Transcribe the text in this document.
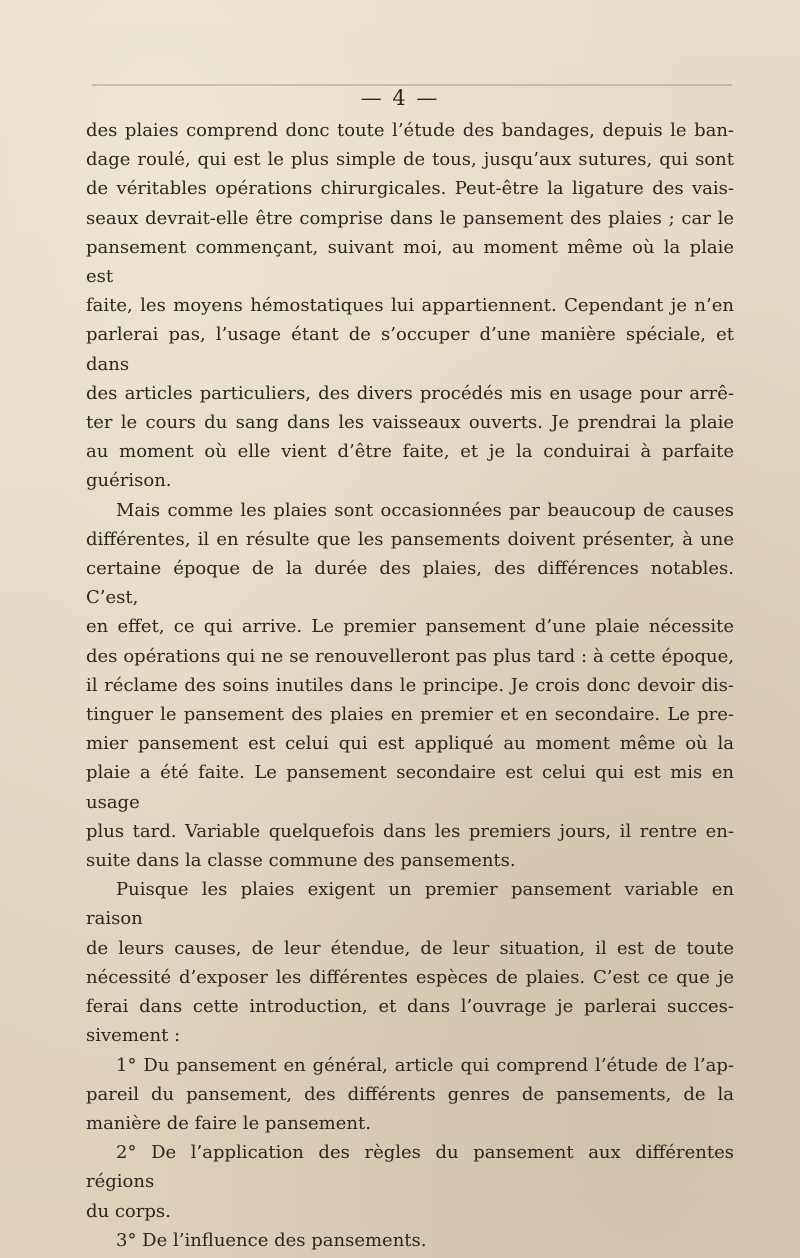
— 4 —

des plaies comprend donc toute l’étude des bandages, depuis le ban-

dage roulé, qui est le plus simple de tous, jusqu’aux sutures, qui sont

de véritables opérations chirurgicales. Peut-être la ligature des vais-

seaux devrait-elle être comprise dans le pansement des plaies ; car le

pansement commençant, suivant moi, au moment même où la plaie est

faite, les moyens hémostatiques lui appartiennent. Cependant je n’en

parlerai pas, l’usage étant de s’occuper d’une manière spéciale, et dans

des articles particuliers, des divers procédés mis en usage pour arrê-

ter le cours du sang dans les vaisseaux ouverts. Je prendrai la plaie

au moment où elle vient d’être faite, et je la conduirai à parfaite

guérison.

Mais comme les plaies sont occasionnées par beaucoup de causes

différentes, il en résulte que les pansements doivent présenter, à une

certaine époque de la durée des plaies, des différences notables. C’est,

en effet, ce qui arrive. Le premier pansement d’une plaie nécessite

des opérations qui ne se renouvelleront pas plus tard : à cette époque,

il réclame des soins inutiles dans le principe. Je crois donc devoir dis-

tinguer le pansement des plaies en premier et en secondaire. Le pre-

mier pansement est celui qui est appliqué au moment même où la

plaie a été faite. Le pansement secondaire est celui qui est mis en usage

plus tard. Variable quelquefois dans les premiers jours, il rentre en-

suite dans la classe commune des pansements.

Puisque les plaies exigent un premier pansement variable en raison

de leurs causes, de leur étendue, de leur situation, il est de toute

nécessité d’exposer les différentes espèces de plaies. C’est ce que je

ferai dans cette introduction, et dans l’ouvrage je parlerai succes-

sivement :

1° Du pansement en général, article qui comprend l’étude de l’ap-

pareil du pansement, des différents genres de pansements, de la

manière de faire le pansement.

2° De l’application des règles du pansement aux différentes régions

du corps.

3° De l’influence des pansements.
